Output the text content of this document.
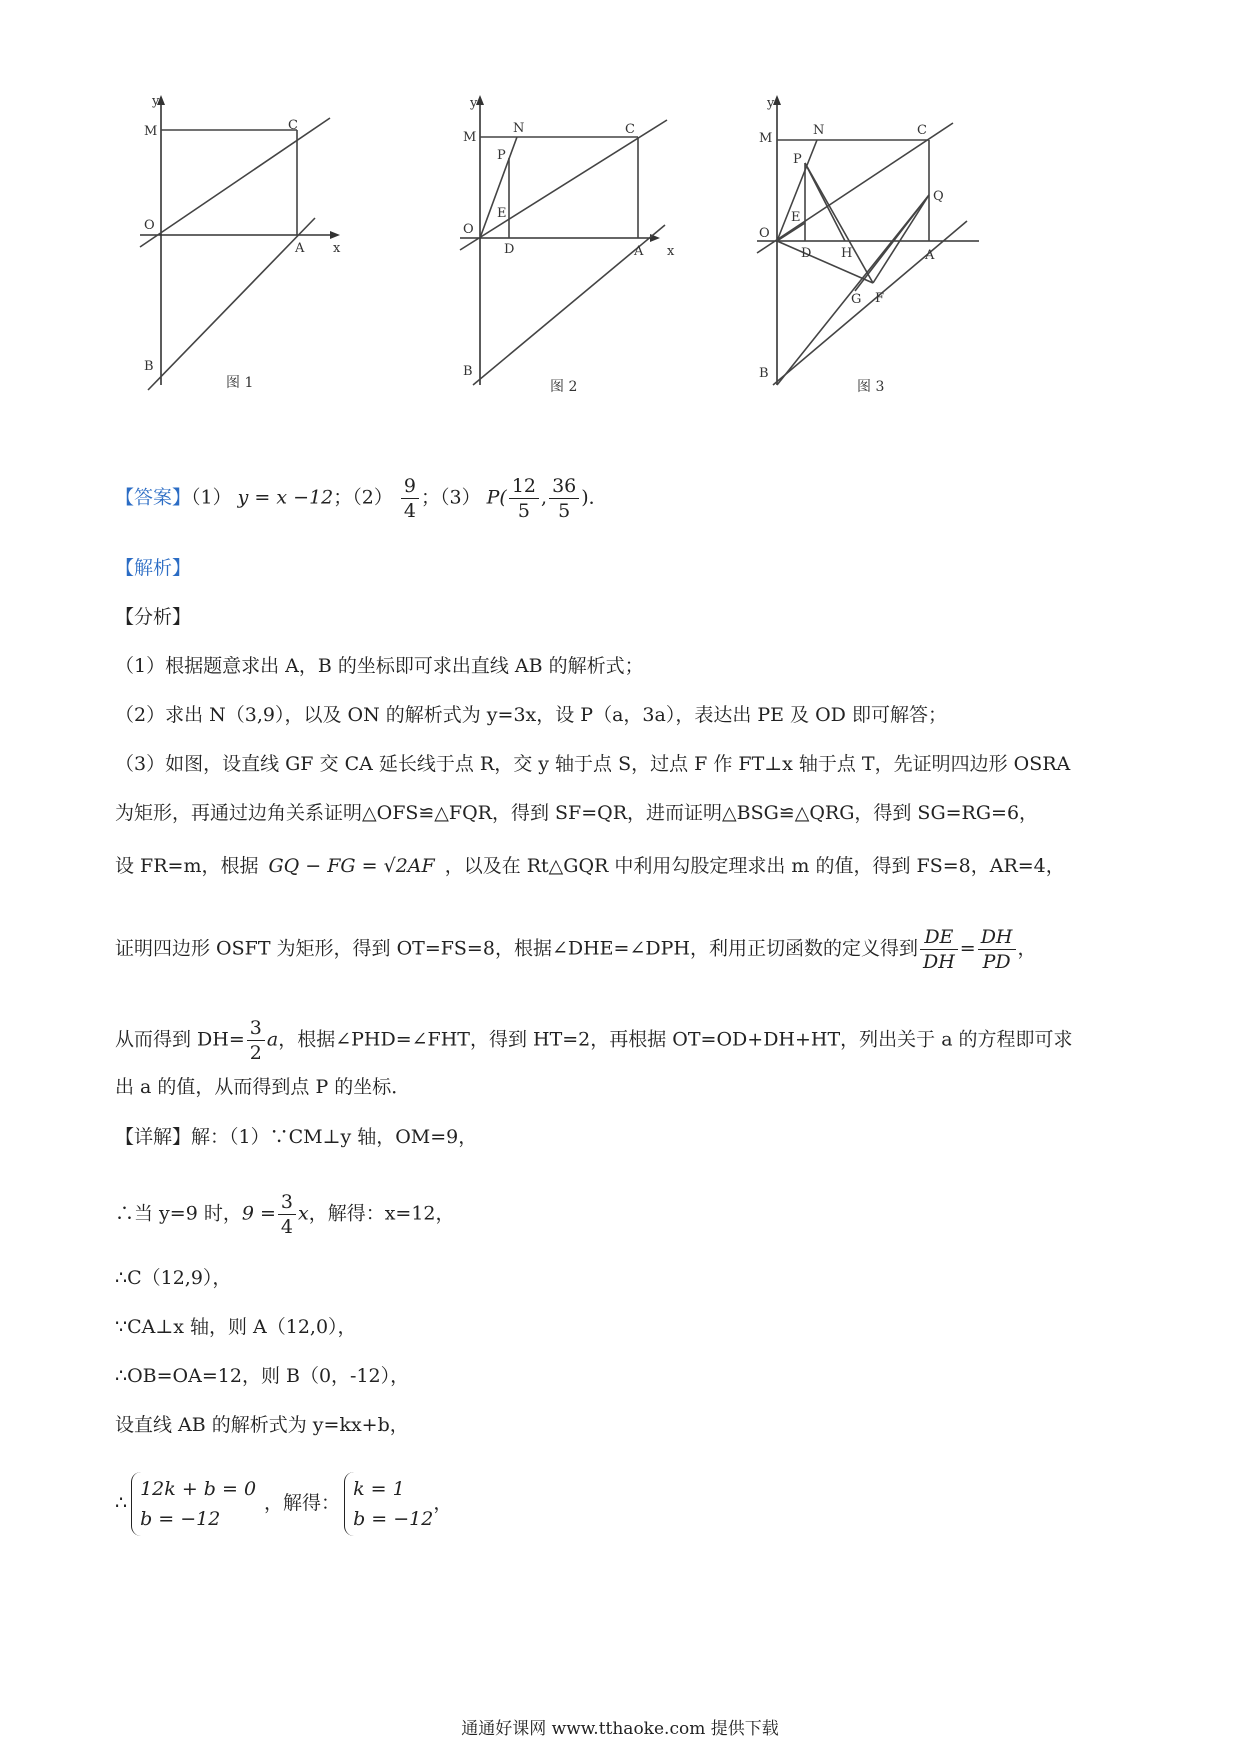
y
M	C
O
A x
B
图 1
y
M
N	C
P
E
O
D	A x
B
图 2
y
M
N	C
P
E
O
D H	A
Q
G F
B
图 3
【答案】（1） y = x −12；$(2) \frac{9}{4}$ ；（3） $P( \frac{12}{5}$ , $\frac{36}{5}$ )．
【解析】
【分析】
（1）根据题意求出 A，B 的坐标即可求出直线 AB 的解析式；
（2）求出 N（3,9），以及 ON 的解析式为 y=3x，设 P（a，3a），表达出 PE 及 OD 即可解答；
（3）如图，设直线 GF 交 CA 延长线于点 R，交 y 轴于点 S，过点 F 作 FT⊥x 轴于点 T，先证明四边形 OSRA
为矩形，再通过边角关系证明△OFS≌△FQR，得到 SF=QR，进而证明△BSG≌△QRG，得到 SG=RG=6，
设 FR=m，根据 GQ − FG = √2AF ，以及在 Rt△GQR 中利用勾股定理求出 m 的值，得到 FS=8，AR=4，
证明四边形 OSFT 为矩形，得到 OT=FS=8，根据∠DHE=∠DPH，利用正切函数的定义得到 $\frac{DE}{DH} = \frac{DH}{PD}$ ，
从而得到 $DH= \frac{3}{2}$ a，根据∠PHD=∠FHT，得到 HT=2，再根据 OT=OD+DH+HT，列出关于 a 的方程即可求
出 a 的值，从而得到点 P 的坐标．
【详解】解：（1）∵CM⊥y 轴，OM=9，
∴当 y=9 时，$9 = \frac{3}{4}$ x，解得：x=12，
∴C（12,9），
∵CA⊥x 轴，则 A（12,0），
∴OB=OA=12，则 B（0，-12），
设直线 AB 的解析式为 y=kx+b，
∴
12k + b = 0
b = −12
，解得：
k = 1
b = −12
，
通通好课网 www.tthaoke.com 提供下载
